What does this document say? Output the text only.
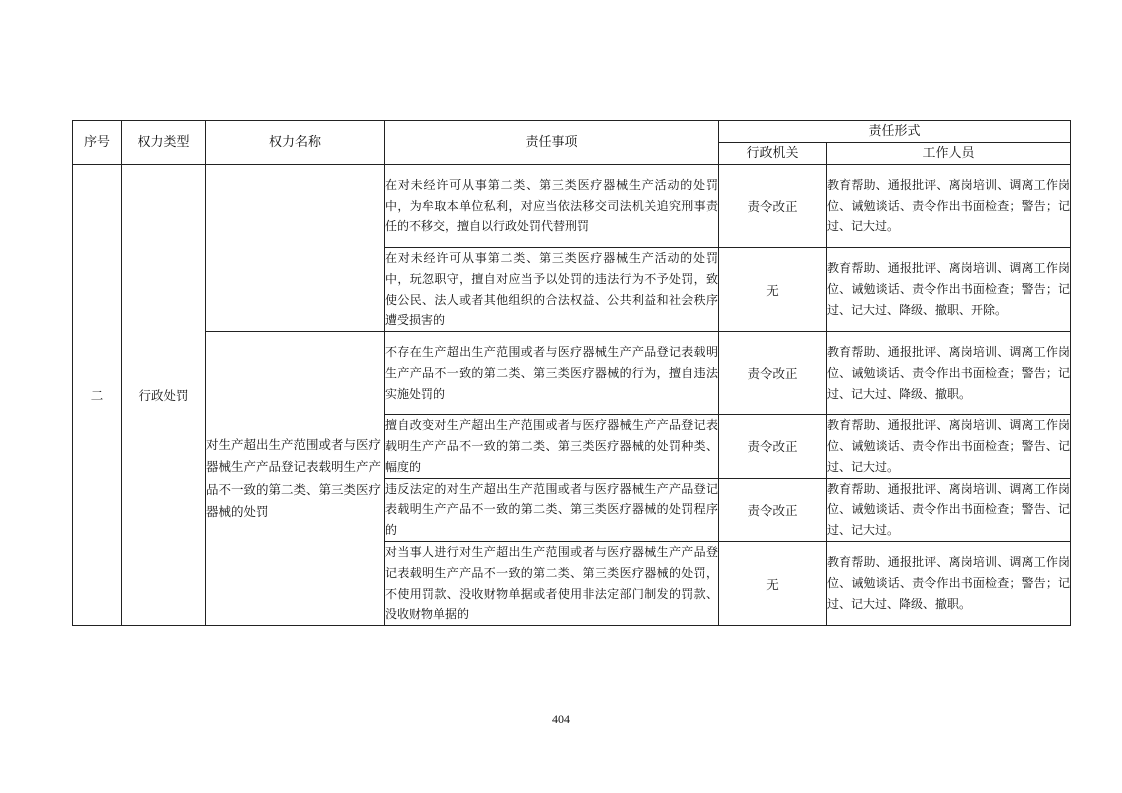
序号	权力类型	权力名称	责任事项	责任形式	
				行政机关	工作人员
二	行政处罚		在对未经许可从事第二类、第三类医疗器械生产活动的处罚中，为牟取本单位私利，对应当依法移交司法机关追究刑事责任的不移交，擅自以行政处罚代替刑罚	责令改正	教育帮助、通报批评、离岗培训、调离工作岗位、诫勉谈话、责令作出书面检查；警告；记过、记大过。
			在对未经许可从事第二类、第三类医疗器械生产活动的处罚中，玩忽职守，擅自对应当予以处罚的违法行为不予处罚，致使公民、法人或者其他组织的合法权益、公共利益和社会秩序遭受损害的	无	教育帮助、通报批评、离岗培训、调离工作岗位、诫勉谈话、责令作出书面检查；警告；记过、记大过、降级、撤职、开除。
		对生产超出生产范围或者与医疗器械生产产品登记表载明生产产品不一致的第二类、第三类医疗器械的处罚	不存在生产超出生产范围或者与医疗器械生产产品登记表载明生产产品不一致的第二类、第三类医疗器械的行为，擅自违法实施处罚的	责令改正	教育帮助、通报批评、离岗培训、调离工作岗位、诫勉谈话、责令作出书面检查；警告；记过、记大过、降级、撤职。
			擅自改变对生产超出生产范围或者与医疗器械生产产品登记表载明生产产品不一致的第二类、第三类医疗器械的处罚种类、幅度的	责令改正	教育帮助、通报批评、离岗培训、调离工作岗位、诫勉谈话、责令作出书面检查；警告、记过、记大过。
			违反法定的对生产超出生产范围或者与医疗器械生产产品登记表载明生产产品不一致的第二类、第三类医疗器械的处罚程序的	责令改正	教育帮助、通报批评、离岗培训、调离工作岗位、诫勉谈话、责令作出书面检查；警告、记过、记大过。
			对当事人进行对生产超出生产范围或者与医疗器械生产产品登记表载明生产产品不一致的第二类、第三类医疗器械的处罚，不使用罚款、没收财物单据或者使用非法定部门制发的罚款、没收财物单据的	无	教育帮助、通报批评、离岗培训、调离工作岗位、诫勉谈话、责令作出书面检查；警告；记过、记大过、降级、撤职。
404
